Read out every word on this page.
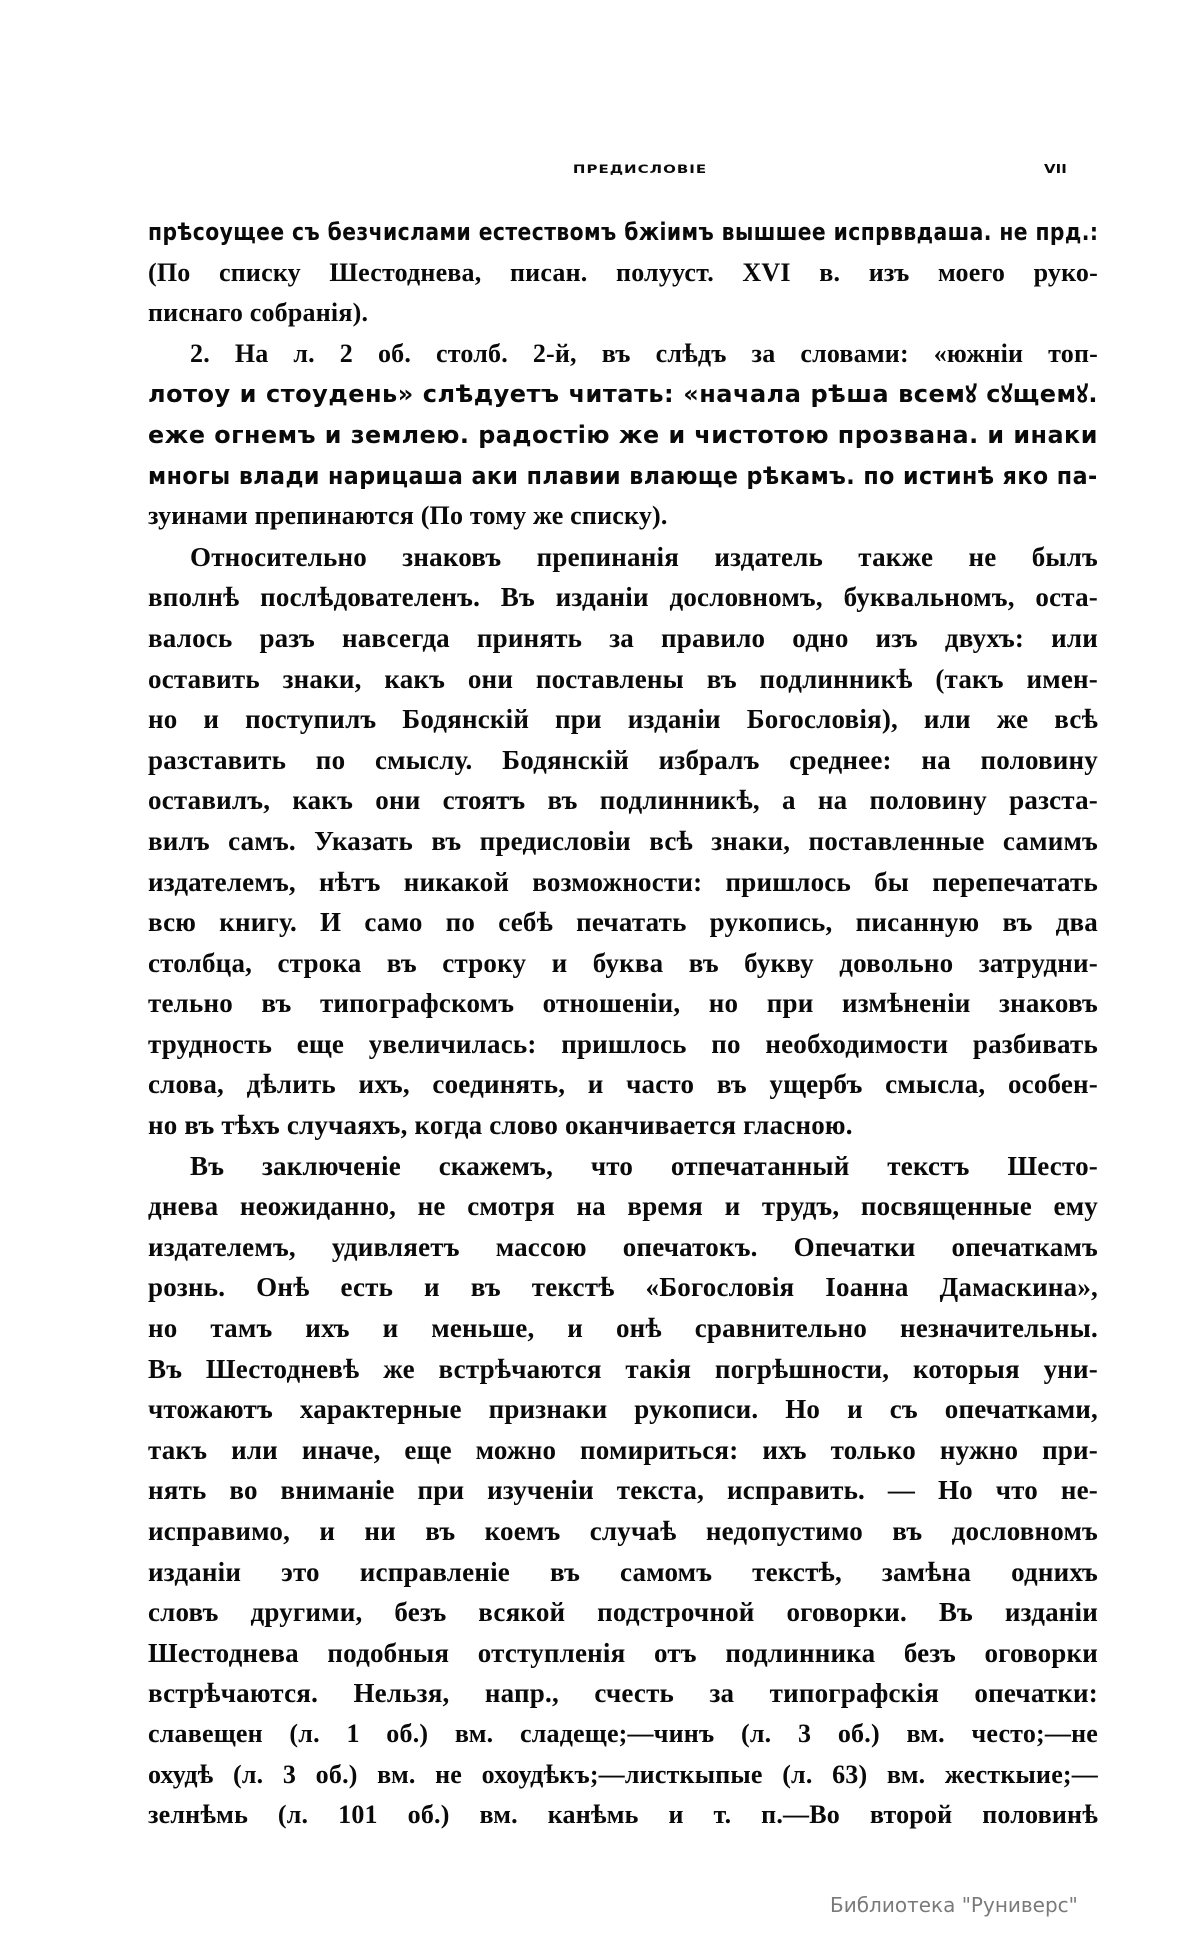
ПРЕДИСЛОВIЕ	VII
прѣсоущее съ безчислами естествомъ бжiимъ вышшее испрввдаша. не прд.:
(По списку Шестоднева, писан. полууст. XVI в. изъ моего руко-
писнаго собранія).
2. На л. 2 об. столб. 2-й, въ слѣдъ за словами: «южнiи топ-
лотоу и стоудень» слѣдуетъ читать: «начала рѣша всемꙋ сꙋщемꙋ.
еже огнемъ и землею. радостiю же и чистотою прозвана. и инаки
многы влади нарицаша аки плавии влающе рѣкамъ. по истинѣ яко па-
зуинами препинаются (По тому же списку).
Относительно знаковъ препинанія издатель также не былъ
вполнѣ послѣдователенъ. Въ изданіи дословномъ, буквальномъ, оста-
валось разъ навсегда принять за правило одно изъ двухъ: или
оставить знаки, какъ они поставлены въ подлинникѣ (такъ имен-
но и поступилъ Бодянскій при изданіи Богословія), или же всѣ
разставить по смыслу. Бодянскій избралъ среднее: на половину
оставилъ, какъ они стоятъ въ подлинникѣ, а на половину разста-
вилъ самъ. Указать въ предисловіи всѣ знаки, поставленные самимъ
издателемъ, нѣтъ никакой возможности: пришлось бы перепечатать
всю книгу. И само по себѣ печатать рукопись, писанную въ два
столбца, строка въ строку и буква въ букву довольно затрудни-
тельно въ типографскомъ отношеніи, но при измѣненіи знаковъ
трудность еще увеличилась: пришлось по необходимости разбивать
слова, дѣлить ихъ, соединять, и часто въ ущербъ смысла, особен-
но въ тѣхъ случаяхъ, когда слово оканчивается гласною.
Въ заключеніе скажемъ, что отпечатанный текстъ Шесто-
днева неожиданно, не смотря на время и трудъ, посвященные ему
издателемъ, удивляетъ массою опечатокъ. Опечатки опечаткамъ
рознь. Онѣ есть и въ текстѣ «Богословія Іоанна Дамаскина»,
но тамъ ихъ и меньше, и онѣ сравнительно незначительны.
Въ Шестодневѣ же встрѣчаются такія погрѣшности, которыя уни-
чтожаютъ характерные признаки рукописи. Но и съ опечатками,
такъ или иначе, еще можно помириться: ихъ только нужно при-
нять во вниманіе при изученіи текста, исправить. — Но что не-
исправимо, и ни въ коемъ случаѣ недопустимо въ дословномъ
изданіи это исправленіе въ самомъ текстѣ, замѣна однихъ
словъ другими, безъ всякой подстрочной оговорки. Въ изданіи
Шестоднева подобныя отступленія отъ подлинника безъ оговорки
встрѣчаются. Нельзя, напр., счесть за типографскія опечатки:
славещен (л. 1 об.) вм. сладеще;—чинъ (л. 3 об.) вм. често;—не
охудѣ (л. 3 об.) вм. не охоудѣкъ;—листкыпые (л. 63) вм. жесткыие;—
зелнѣмь (л. 101 об.) вм. канѣмь и т. п.—Во второй половинѣ
Библиотека "Руниверс"
